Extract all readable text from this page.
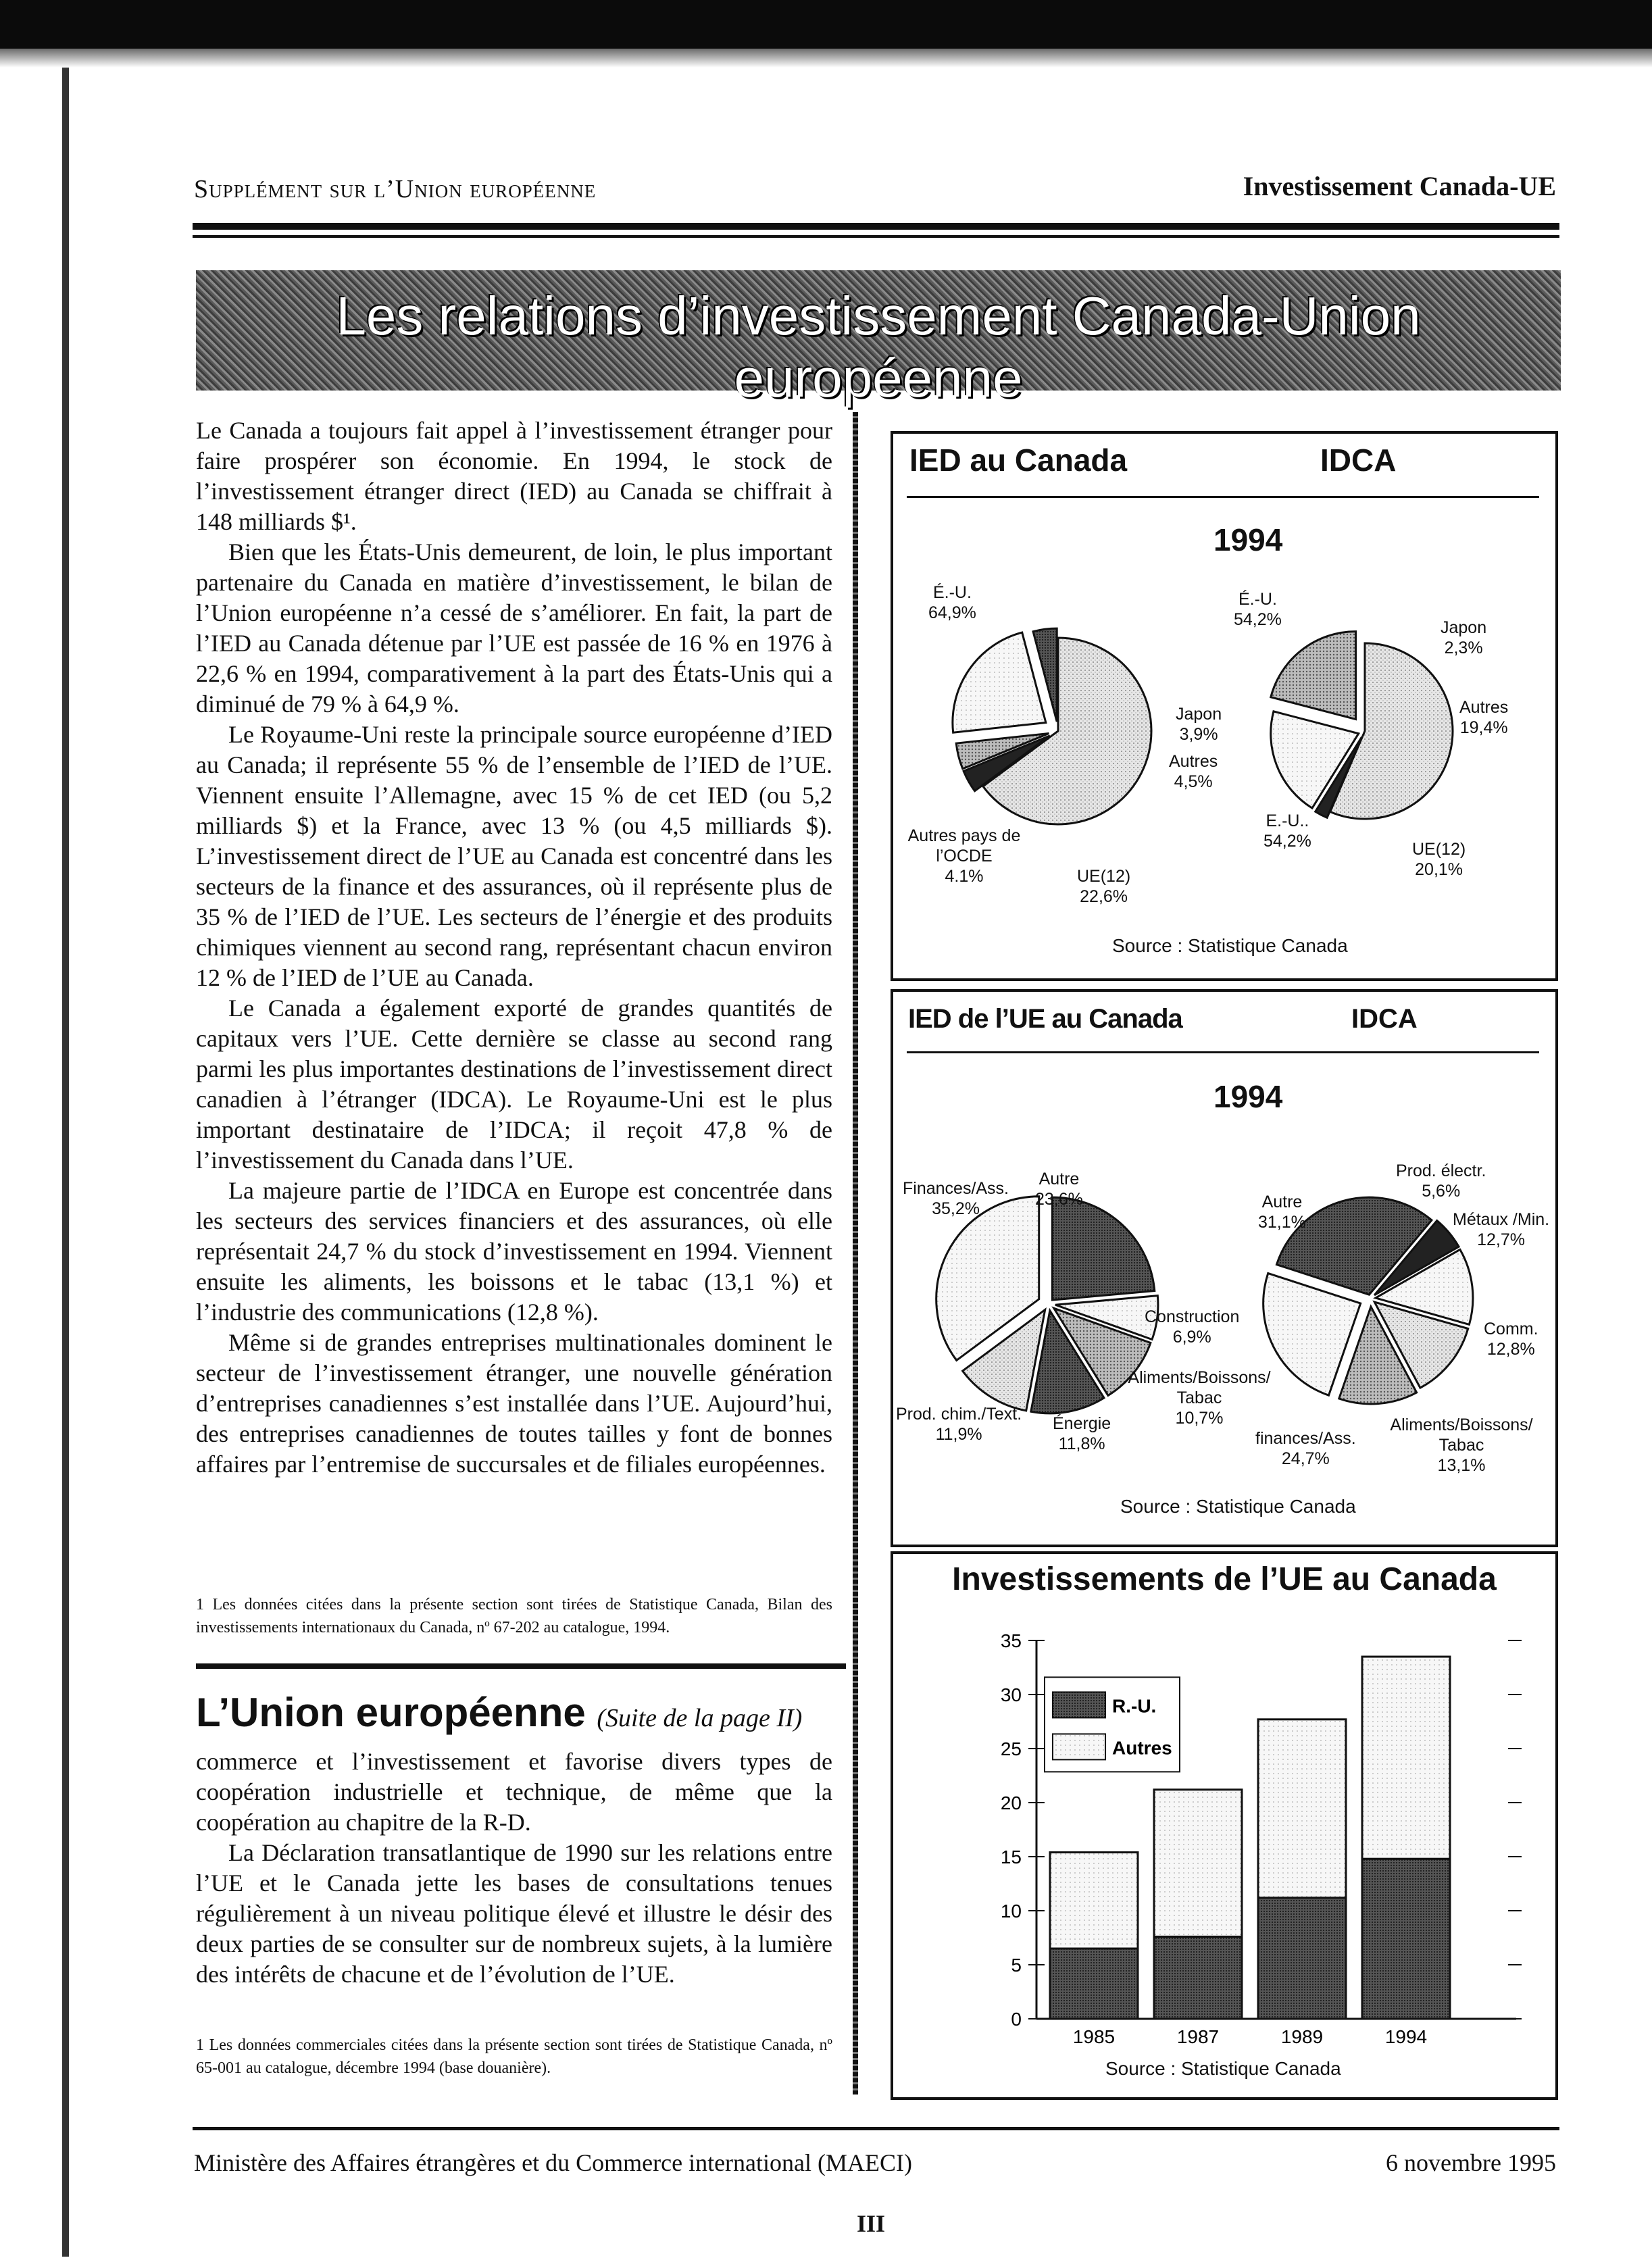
Supplément sur l’Union européenne	Investissement Canada-UE
Les relations d’investissement Canada-Union européenne

Le Canada a toujours fait appel à l’investissement étranger pour faire prospérer son économie. En 1994, le stock de l’investissement étranger direct (IED) au Canada se chiffrait à 148 milliards $¹.

Bien que les États-Unis demeurent, de loin, le plus important partenaire du Canada en matière d’investissement, le bilan de l’Union européenne n’a cessé de s’améliorer. En fait, la part de l’IED au Canada détenue par l’UE est passée de 16 % en 1976 à 22,6 % en 1994, comparativement à la part des États-Unis qui a diminué de 79 % à 64,9 %.

Le Royaume-Uni reste la principale source européenne d’IED au Canada; il représente 55 % de l’ensemble de l’IED de l’UE. Viennent ensuite l’Allemagne, avec 15 % de cet IED (ou 5,2 milliards $) et la France, avec 13 % (ou 4,5 milliards $). L’investissement direct de l’UE au Canada est concentré dans les secteurs de la finance et des assurances, où il représente plus de 35 % de l’IED de l’UE. Les secteurs de l’énergie et des produits chimiques viennent au second rang, représentant chacun environ 12 % de l’IED de l’UE au Canada.

Le Canada a également exporté de grandes quantités de capitaux vers l’UE. Cette dernière se classe au second rang parmi les plus importantes destinations de l’investissement direct canadien à l’étranger (IDCA). Le Royaume-Uni est le plus important destinataire de l’IDCA; il reçoit 47,8 % de l’investissement du Canada dans l’UE.

La majeure partie de l’IDCA en Europe est concentrée dans les secteurs des services financiers et des assurances, où elle représentait 24,7 % du stock d’investissement en 1994. Viennent ensuite les aliments, les boissons et le tabac (13,1 %) et l’industrie des communications (12,8 %).

Même si de grandes entreprises multinationales dominent le secteur de l’investissement étranger, une nouvelle génération d’entreprises canadiennes s’est installée dans l’UE. Aujourd’hui, des entreprises canadiennes de toutes tailles y font de bonnes affaires par l’entremise de succursales et de filiales européennes.

1 Les données citées dans la présente section sont tirées de Statistique Canada, Bilan des investissements internationaux du Canada, nº 67-202 au catalogue, 1994.
L’Union européenne (Suite de la page II)

commerce et l’investissement et favorise divers types de coopération industrielle et technique, de même que la coopération au chapitre de la R-D.

La Déclaration transatlantique de 1990 sur les relations entre l’UE et le Canada jette les bases de consultations tenues régulièrement à un niveau politique élevé et illustre le désir des deux parties de se consulter sur de nombreux sujets, à la lumière des intérêts de chacune et de l’évolution de l’UE.

1 Les données commerciales citées dans la présente section sont tirées de Statistique Canada, nº 65-001 au catalogue, décembre 1994 (base douanière).
IED au Canada	IDCA
1994
É.-U.
64,9%
Japon
3,9%
Autres
4,5%
UE(12)
22,6%
Autres pays de l’OCDE
4.1%
É.-U.
54,2%	Japon
2,3%
Autres
19,4%
UE(12)
20,1%
E.-U..
54,2%
Source : Statistique Canada
IED de l’UE au Canada	IDCA
1994
Autre
23,6%
Construction
6,9%
Aliments/Boissons/ Tabac
10,7%
Énergie
11,8%
Prod. chim./Text.
11,9%
Finances/Ass.
35,2%
Prod. électr.
5,6%
Métaux /Min.
12,7%
Comm.
12,8%
Aliments/Boissons/ Tabac
13,1%
finances/Ass.
24,7%
Autre
31,1%
Source : Statistique Canada
Investissements de l’UE au Canada
0
5
10
15
20
25
30
35
1985	1987	1989	1994
R.-U.
Autres
Source : Statistique Canada
Ministère des Affaires étrangères et du Commerce international (MAECI)	6 novembre 1995
III
